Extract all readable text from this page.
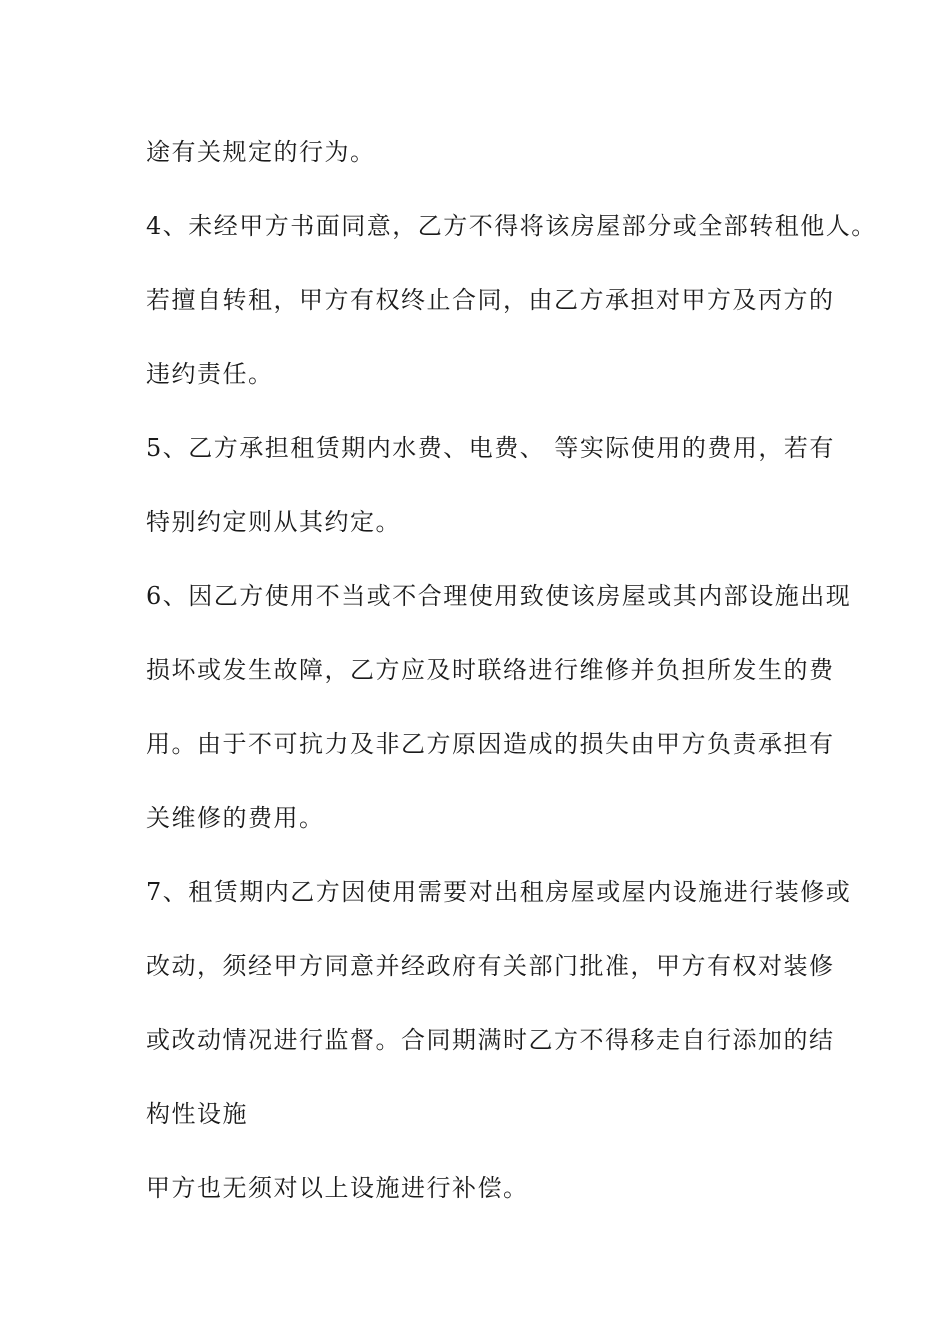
途有关规定的行为。
4、未经甲方书面同意，乙方不得将该房屋部分或全部转租他人。
若擅自转租，甲方有权终止合同，由乙方承担对甲方及丙方的
违约责任。
5、乙方承担租赁期内水费、电费、 等实际使用的费用，若有
特别约定则从其约定。
6、因乙方使用不当或不合理使用致使该房屋或其内部设施出现
损坏或发生故障，乙方应及时联络进行维修并负担所发生的费
用。由于不可抗力及非乙方原因造成的损失由甲方负责承担有
关维修的费用。
7、租赁期内乙方因使用需要对出租房屋或屋内设施进行装修或
改动，须经甲方同意并经政府有关部门批准，甲方有权对装修
或改动情况进行监督。合同期满时乙方不得移走自行添加的结
构性设施
甲方也无须对以上设施进行补偿。
